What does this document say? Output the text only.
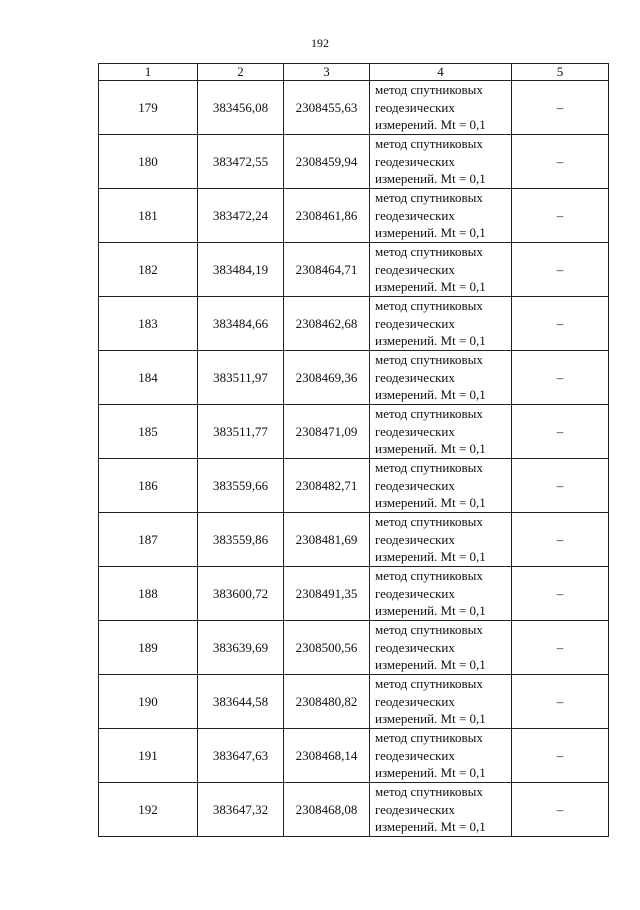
192
1	2	3	4	5
179	383456,08	2308455,63	метод спутниковых
геодезических
измерений. Mt = 0,1	–
180	383472,55	2308459,94	метод спутниковых
геодезических
измерений. Mt = 0,1	–
181	383472,24	2308461,86	метод спутниковых
геодезических
измерений. Mt = 0,1	–
182	383484,19	2308464,71	метод спутниковых
геодезических
измерений. Mt = 0,1	–
183	383484,66	2308462,68	метод спутниковых
геодезических
измерений. Mt = 0,1	–
184	383511,97	2308469,36	метод спутниковых
геодезических
измерений. Mt = 0,1	–
185	383511,77	2308471,09	метод спутниковых
геодезических
измерений. Mt = 0,1	–
186	383559,66	2308482,71	метод спутниковых
геодезических
измерений. Mt = 0,1	–
187	383559,86	2308481,69	метод спутниковых
геодезических
измерений. Mt = 0,1	–
188	383600,72	2308491,35	метод спутниковых
геодезических
измерений. Mt = 0,1	–
189	383639,69	2308500,56	метод спутниковых
геодезических
измерений. Mt = 0,1	–
190	383644,58	2308480,82	метод спутниковых
геодезических
измерений. Mt = 0,1	–
191	383647,63	2308468,14	метод спутниковых
геодезических
измерений. Mt = 0,1	–
192	383647,32	2308468,08	метод спутниковых
геодезических
измерений. Mt = 0,1	–
